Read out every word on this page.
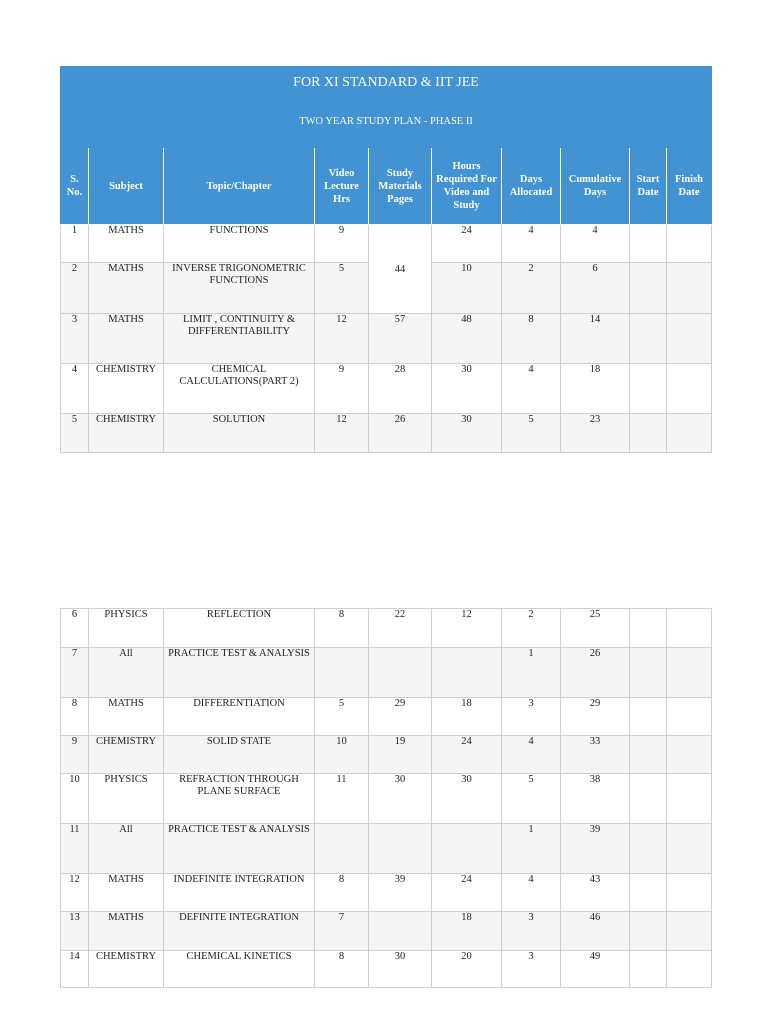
FOR XI STANDARD & IIT JEE									
TWO YEAR STUDY PLAN - PHASE II									
S. No.	Subject	Topic/Chapter	Video Lecture Hrs	Study Materials Pages	Hours Required For Video and Study	Days Allocated	Cumulative Days	Start Date	Finish Date
1	MATHS	FUNCTIONS	9	44	24	4	4		
2	MATHS	INVERSE TRIGONOMETRIC FUNCTIONS	5		10	2	6		
3	MATHS	LIMIT , CONTINUITY & DIFFERENTIABILITY	12	57	48	8	14		
4	CHEMISTRY	CHEMICAL CALCULATIONS(PART 2)	9	28	30	4	18		
5	CHEMISTRY	SOLUTION	12	26	30	5	23		
6	PHYSICS	REFLECTION	8	22	12	2	25		
7	All	PRACTICE TEST & ANALYSIS				1	26		
8	MATHS	DIFFERENTIATION	5	29	18	3	29		
9	CHEMISTRY	SOLID STATE	10	19	24	4	33		
10	PHYSICS	REFRACTION THROUGH PLANE SURFACE	11	30	30	5	38		
11	All	PRACTICE TEST & ANALYSIS				1	39		
12	MATHS	INDEFINITE INTEGRATION	8	39	24	4	43		
13	MATHS	DEFINITE INTEGRATION	7		18	3	46		
14	CHEMISTRY	CHEMICAL KINETICS	8	30	20	3	49		
